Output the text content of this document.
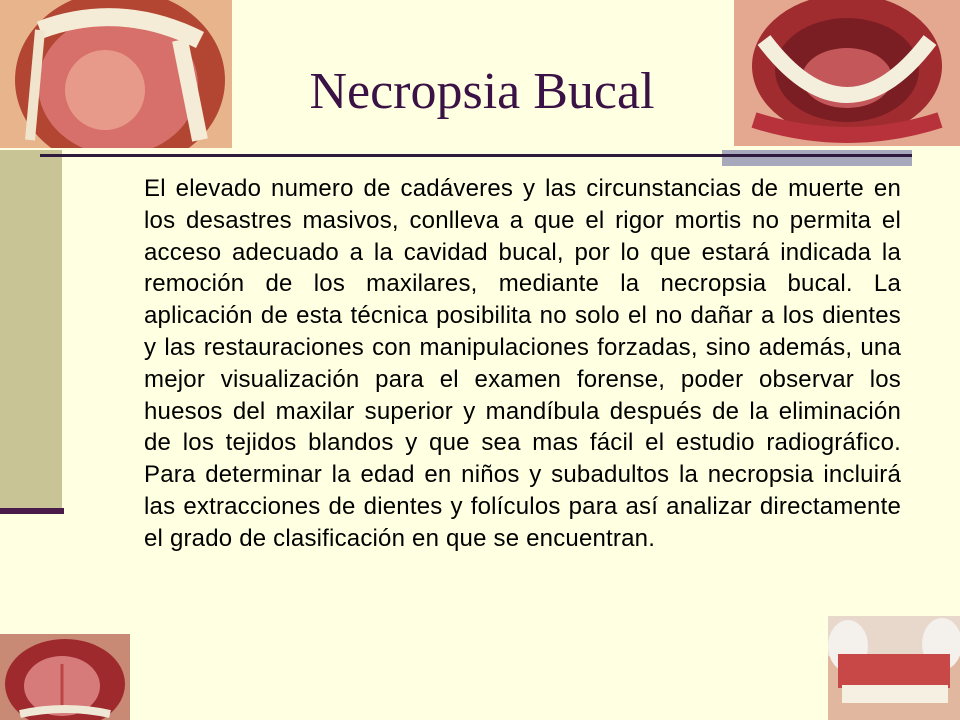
Necropsia Bucal
El elevado numero de cadáveres y las circunstancias de muerte en los desastres masivos, conlleva a que el rigor mortis no permita el acceso adecuado a la cavidad bucal, por lo que estará indicada la remoción de los maxilares, mediante la necropsia bucal. La aplicación de esta técnica posibilita no solo el no dañar a los dientes y las restauraciones con manipulaciones forzadas, sino además, una mejor visualización para el examen forense, poder observar los huesos del maxilar superior y mandíbula después de la eliminación de los tejidos blandos y que sea mas fácil el estudio radiográfico. Para determinar la edad en niños y subadultos la necropsia incluirá las extracciones de dientes y folículos para así analizar directamente el grado de clasificación en que se encuentran.
